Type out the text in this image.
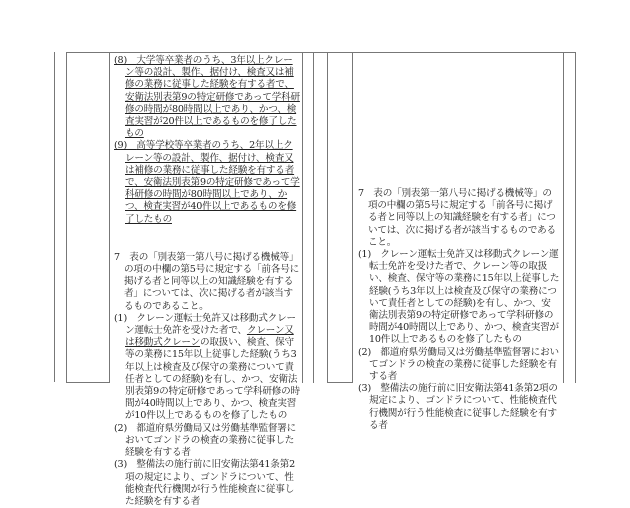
(8)　 大学等卒業者のうち、3年以上クレーン等の設計、製作、据付け、検査又は補修の業務に従事した経験を有する者で、安衛法別表第9の特定研修であって学科研修の時間が80時間以上であり、かつ、検査実習が20件以上であるものを修了したもの

(9)　 高等学校等卒業者のうち、2年以上クレーン等の設計、製作、据付け、検査又は補修の業務に従事した経験を有する者で、安衛法別表第9の特定研修であって学科研修の時間が80時間以上であり、かつ、検査実習が40件以上であるものを修了したもの

7　表の「別表第一第八号に掲げる機械等」の項の中欄の第5号に規定する「前各号に掲げる者と同等以上の知識経験を有する者」については、次に掲げる者が該当するものであること。

(1)　クレーン運転士免許又は移動式クレーン運転士免許を受けた者で、クレーン又は移動式クレーンの取扱い、検査、保守等の業務に15年以上従事した経験(うち3年以上は検査及び保守の業務について責任者としての経験)を有し、かつ、安衛法別表第9の特定研修であって学科研修の時間が40時間以上であり、かつ、検査実習が10件以上であるものを修了したもの

(2)　都道府県労働局又は労働基準監督署においてゴンドラの検査の業務に従事した経験を有する者

(3)　整備法の施行前に旧安衛法第41条第2項の規定により、ゴンドラについて、性能検査代行機関が行う性能検査に従事した経験を有する者

7　表の「別表第一第八号に掲げる機械等」の項の中欄の第5号に規定する「前各号に掲げる者と同等以上の知識経験を有する者」については、次に掲げる者が該当するものであること。

(1)　クレーン運転士免許又は移動式クレーン運転士免許を受けた者で、クレーン等の取扱い、検査、保守等の業務に15年以上従事した経験(うち3年以上は検査及び保守の業務について責任者としての経験)を有し、かつ、安衛法別表第9の特定研修であって学科研修の時間が40時間以上であり、かつ、検査実習が10件以上であるものを修了したもの

(2)　都道府県労働局又は労働基準監督署においてゴンドラの検査の業務に従事した経験を有する者

(3)　整備法の施行前に旧安衛法第41条第2項の規定により、ゴンドラについて、性能検査代行機関が行う性能検査に従事した経験を有する者
